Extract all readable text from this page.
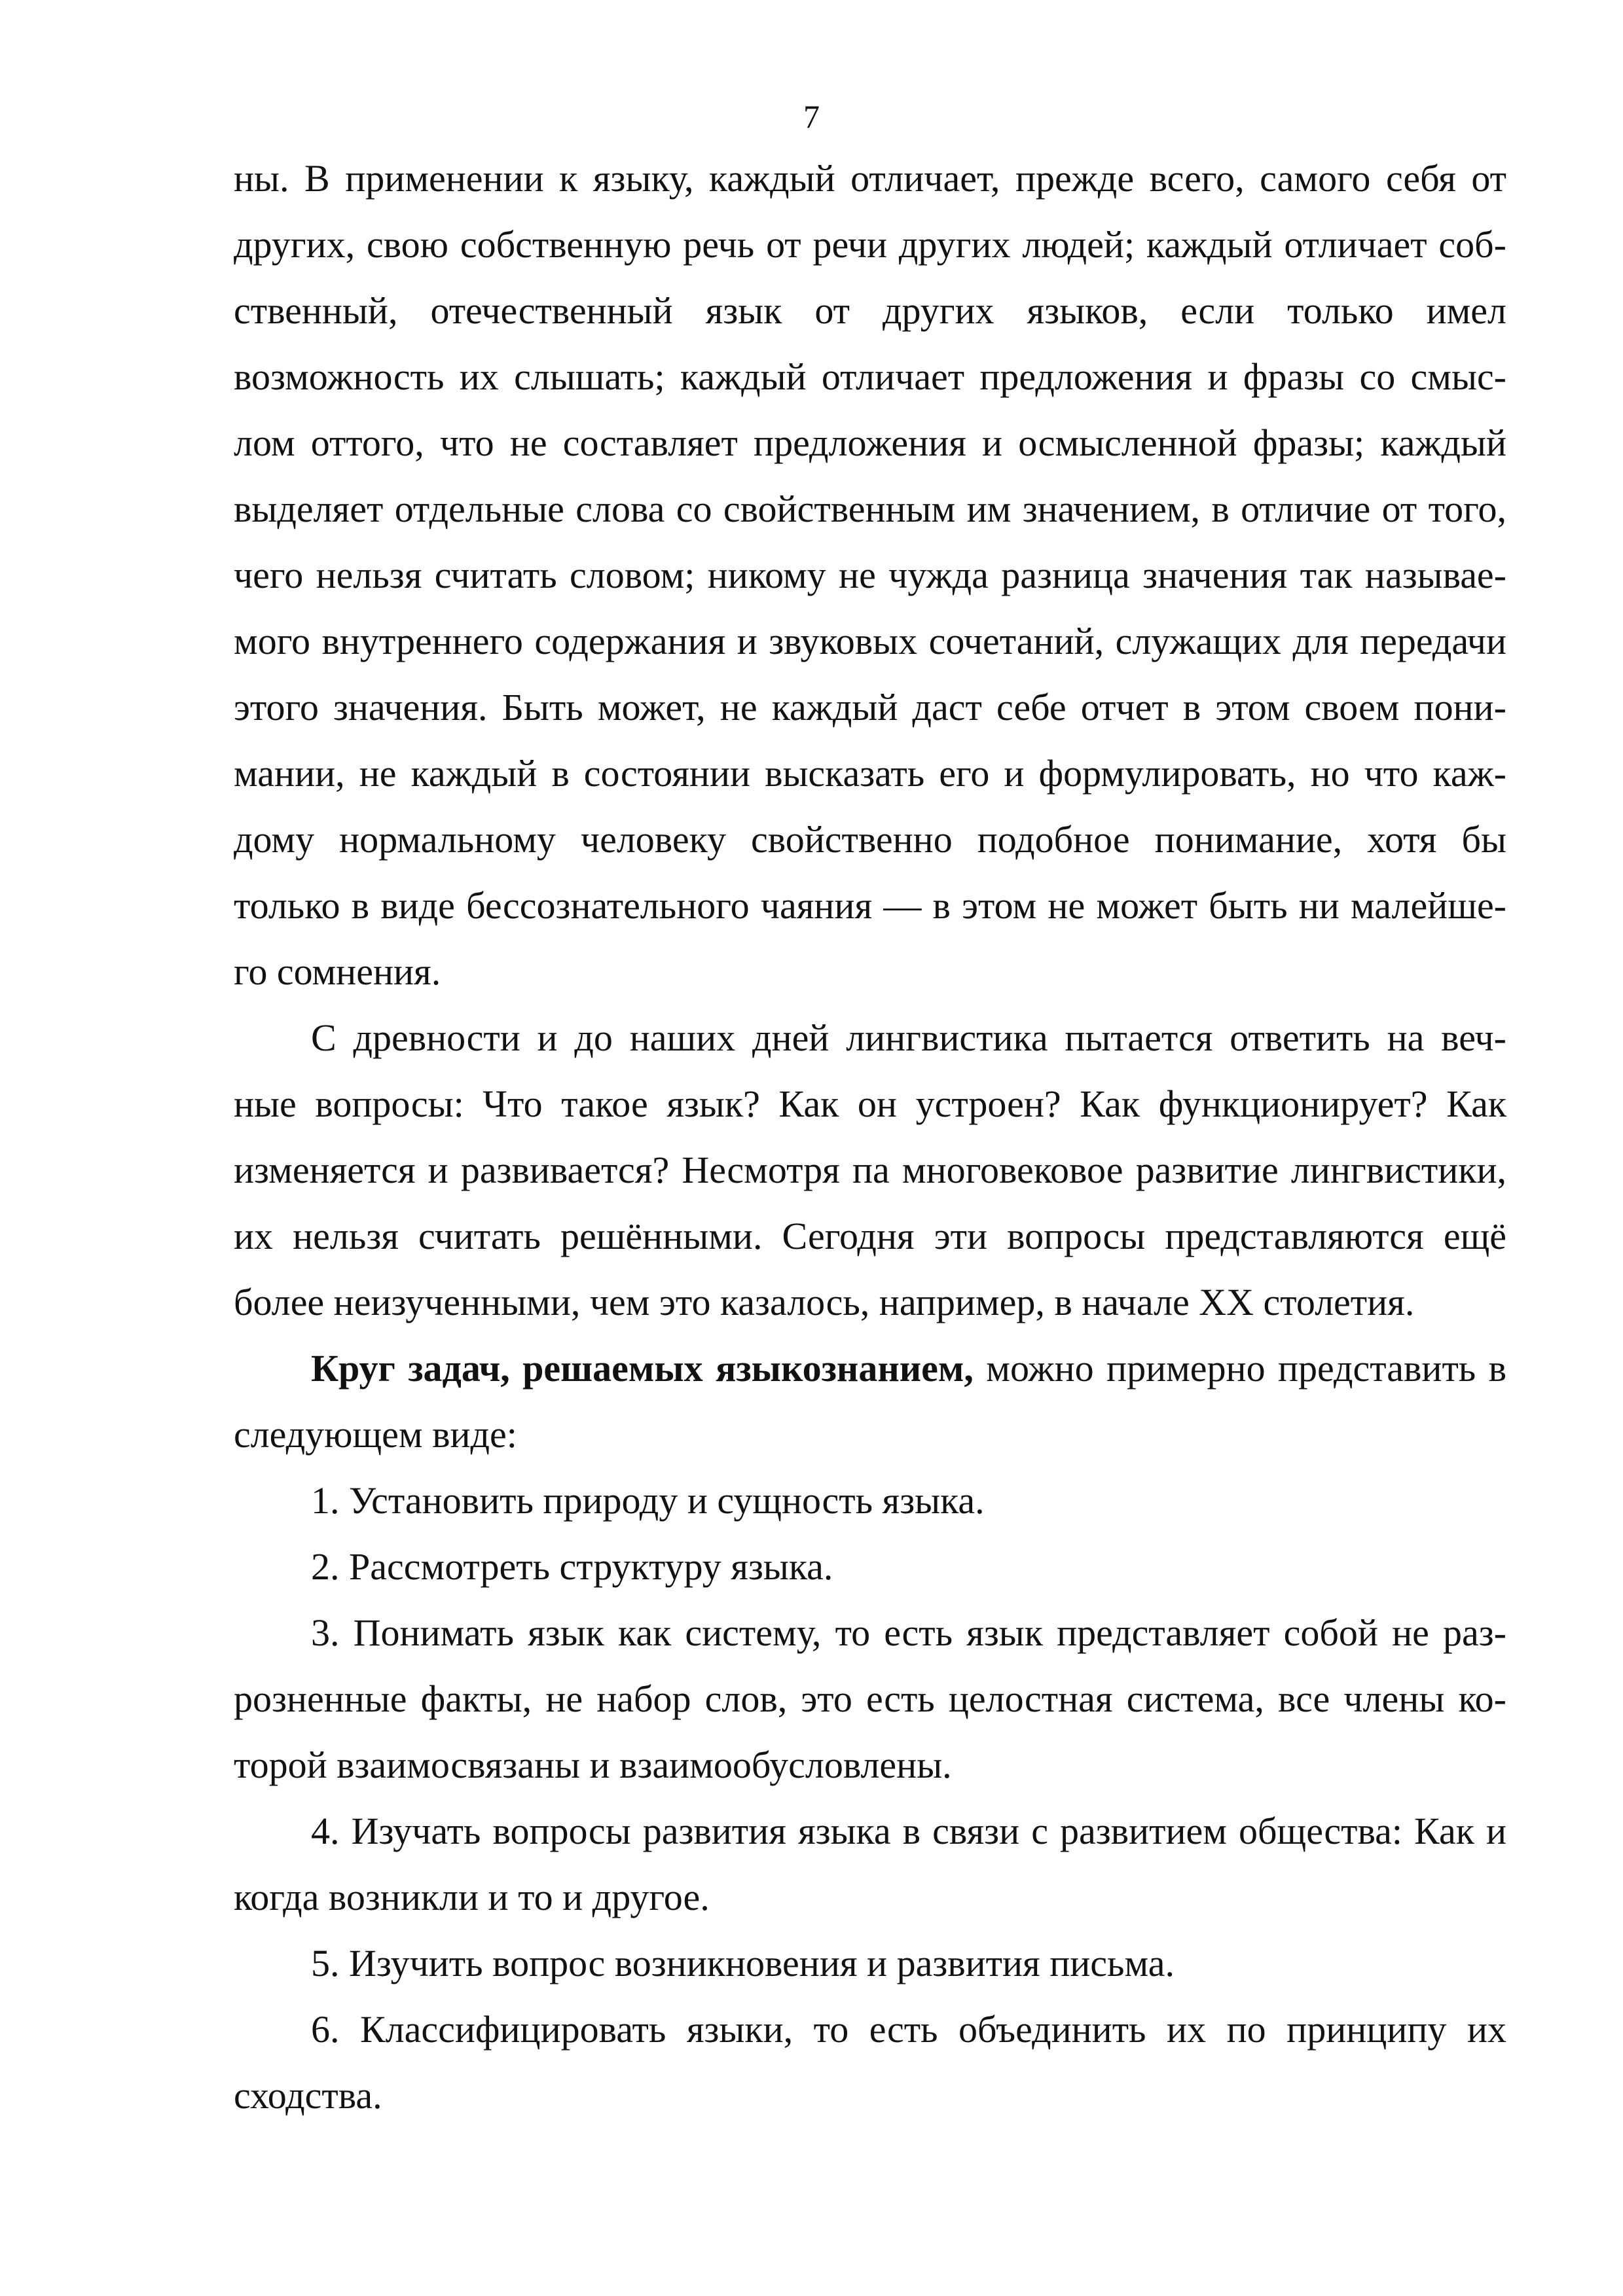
7
ны. В применении к языку, каждый отличает, прежде всего, самого себя от
других, свою собственную речь от речи других людей; каждый отличает соб-
ственный, отечественный язык от других языков, если только имел
возможность их слышать; каждый отличает предложения и фразы со смыс-
лом оттого, что не составляет предложения и осмысленной фразы; каждый
выделяет отдельные слова со свойственным им значением, в отличие от того,
чего нельзя считать словом; никому не чужда разница значения так называе-
мого внутреннего содержания и звуковых сочетаний, служащих для передачи
этого значения. Быть может, не каждый даст себе отчет в этом своем пони-
мании, не каждый в состоянии высказать его и формулировать, но что каж-
дому нормальному человеку свойственно подобное понимание, хотя бы
только в виде бессознательного чаяния — в этом не может быть ни малейше-
го сомнения.
С древности и до наших дней лингвистика пытается ответить на веч-
ные вопросы: Что такое язык? Как он устроен? Как функционирует? Как
изменяется и развивается? Несмотря па многовековое развитие лингвистики,
их нельзя считать решёнными. Сегодня эти вопросы представляются ещё
более неизученными, чем это казалось, например, в начале XX столетия.
Круг задач, решаемых языкознанием, можно примерно представить в
следующем виде:
1. Установить природу и сущность языка.
2. Рассмотреть структуру языка.
3. Понимать язык как систему, то есть язык представляет собой не раз-
розненные факты, не набор слов, это есть целостная система, все члены ко-
торой взаимосвязаны и взаимообусловлены.
4. Изучать вопросы развития языка в связи с развитием общества: Как и
когда возникли и то и другое.
5. Изучить вопрос возникновения и развития письма.
6. Классифицировать языки, то есть объединить их по принципу их
сходства.
